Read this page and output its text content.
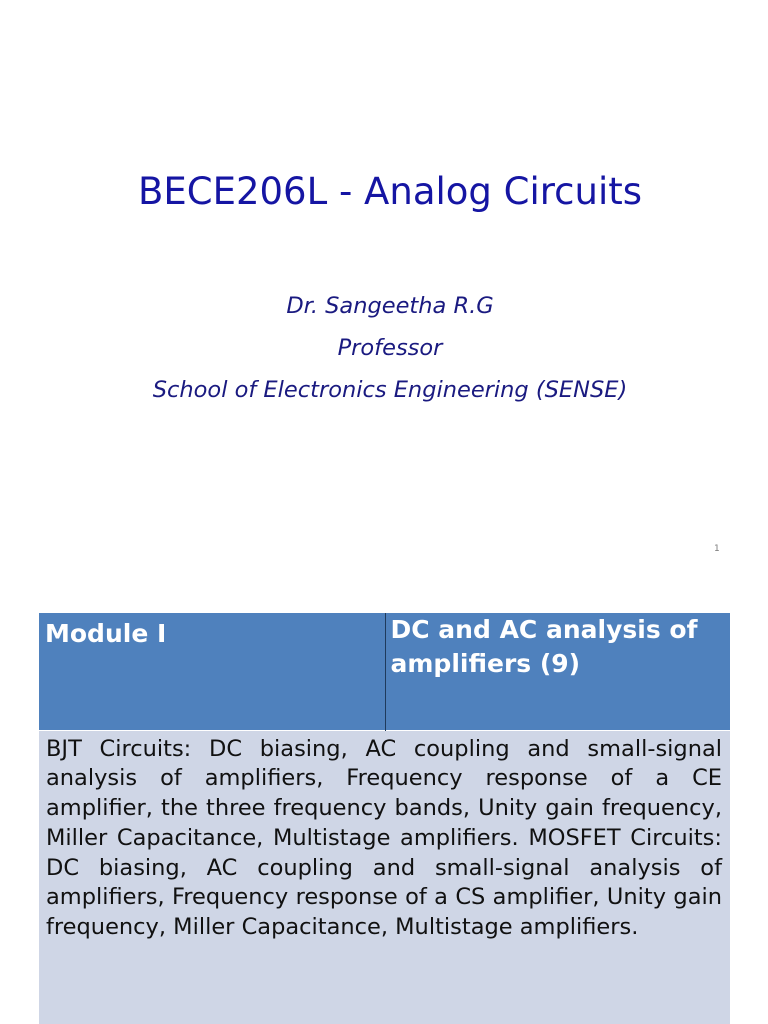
BECE206L - Analog Circuits
Dr. Sangeetha R.G
Professor
School of Electronics Engineering (SENSE)
1
Module I	DC and AC analysis of amplifiers (9)
BJT Circuits: DC biasing, AC coupling and small-signal analysis of amplifiers, Frequency response of a CE amplifier, the three frequency bands, Unity gain frequency, Miller Capacitance, Multistage amplifiers. MOSFET Circuits: DC biasing, AC coupling and small-signal analysis of amplifiers, Frequency response of a CS amplifier, Unity gain frequency, Miller Capacitance, Multistage amplifiers.
